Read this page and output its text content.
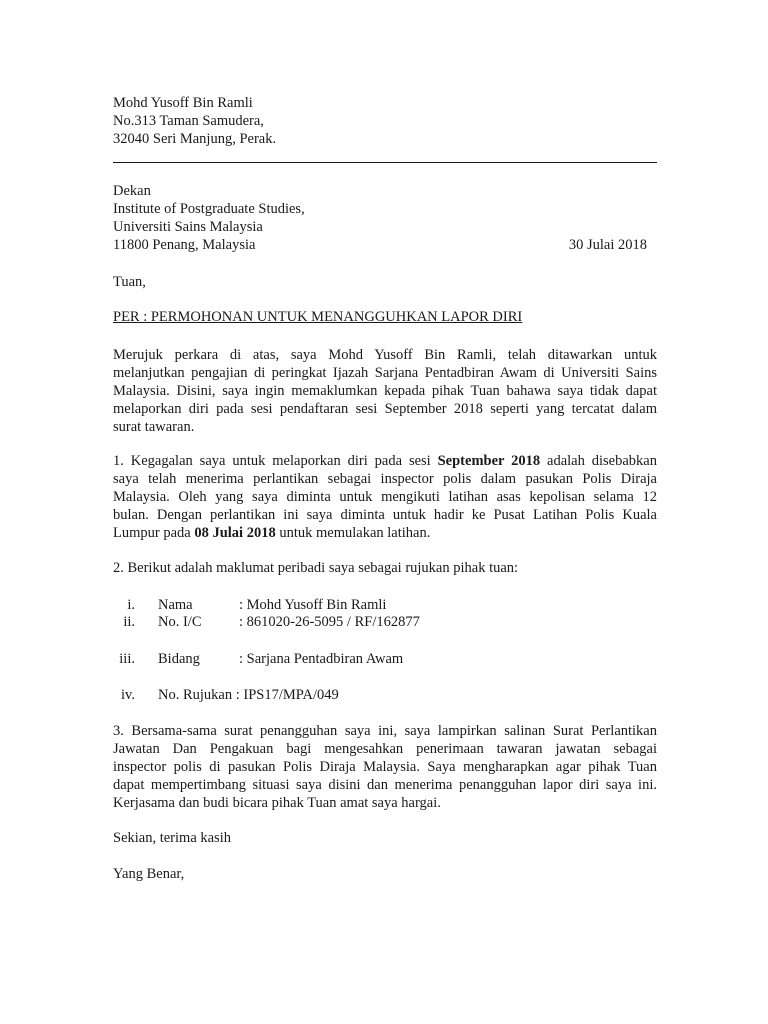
Mohd Yusoff Bin Ramli
No.313 Taman Samudera,
32040 Seri Manjung, Perak.
Dekan
Institute of Postgraduate Studies,
Universiti Sains Malaysia
11800 Penang, Malaysia	30 Julai 2018
Tuan,
PER : PERMOHONAN UNTUK MENANGGUHKAN LAPOR DIRI
Merujuk perkara di atas, saya Mohd Yusoff Bin Ramli, telah ditawarkan untuk
melanjutkan pengajian di peringkat Ijazah Sarjana Pentadbiran Awam di Universiti Sains
Malaysia. Disini, saya ingin memaklumkan kepada pihak Tuan bahawa saya tidak dapat
melaporkan diri pada sesi pendaftaran sesi September 2018 seperti yang tercatat dalam
surat tawaran.
1. Kegagalan saya untuk melaporkan diri pada sesi September 2018 adalah disebabkan
saya telah menerima perlantikan sebagai inspector polis dalam pasukan Polis Diraja
Malaysia. Oleh yang saya diminta untuk mengikuti latihan asas kepolisan selama 12
bulan. Dengan perlantikan ini saya diminta untuk hadir ke Pusat Latihan Polis Kuala
Lumpur pada 08 Julai 2018 untuk memulakan latihan.
2. Berikut adalah maklumat peribadi saya sebagai rujukan pihak tuan:
i. Nama	: Mohd Yusoff Bin Ramli
ii. No. I/C	: 861020-26-5095 / RF/162877
iii. Bidang	: Sarjana Pentadbiran Awam
iv. No. Rujukan : IPS17/MPA/049
3. Bersama-sama surat penangguhan saya ini, saya lampirkan salinan Surat Perlantikan
Jawatan Dan Pengakuan bagi mengesahkan penerimaan tawaran jawatan sebagai
inspector polis di pasukan Polis Diraja Malaysia. Saya mengharapkan agar pihak Tuan
dapat mempertimbang situasi saya disini dan menerima penangguhan lapor diri saya ini.
Kerjasama dan budi bicara pihak Tuan amat saya hargai.
Sekian, terima kasih
Yang Benar,
